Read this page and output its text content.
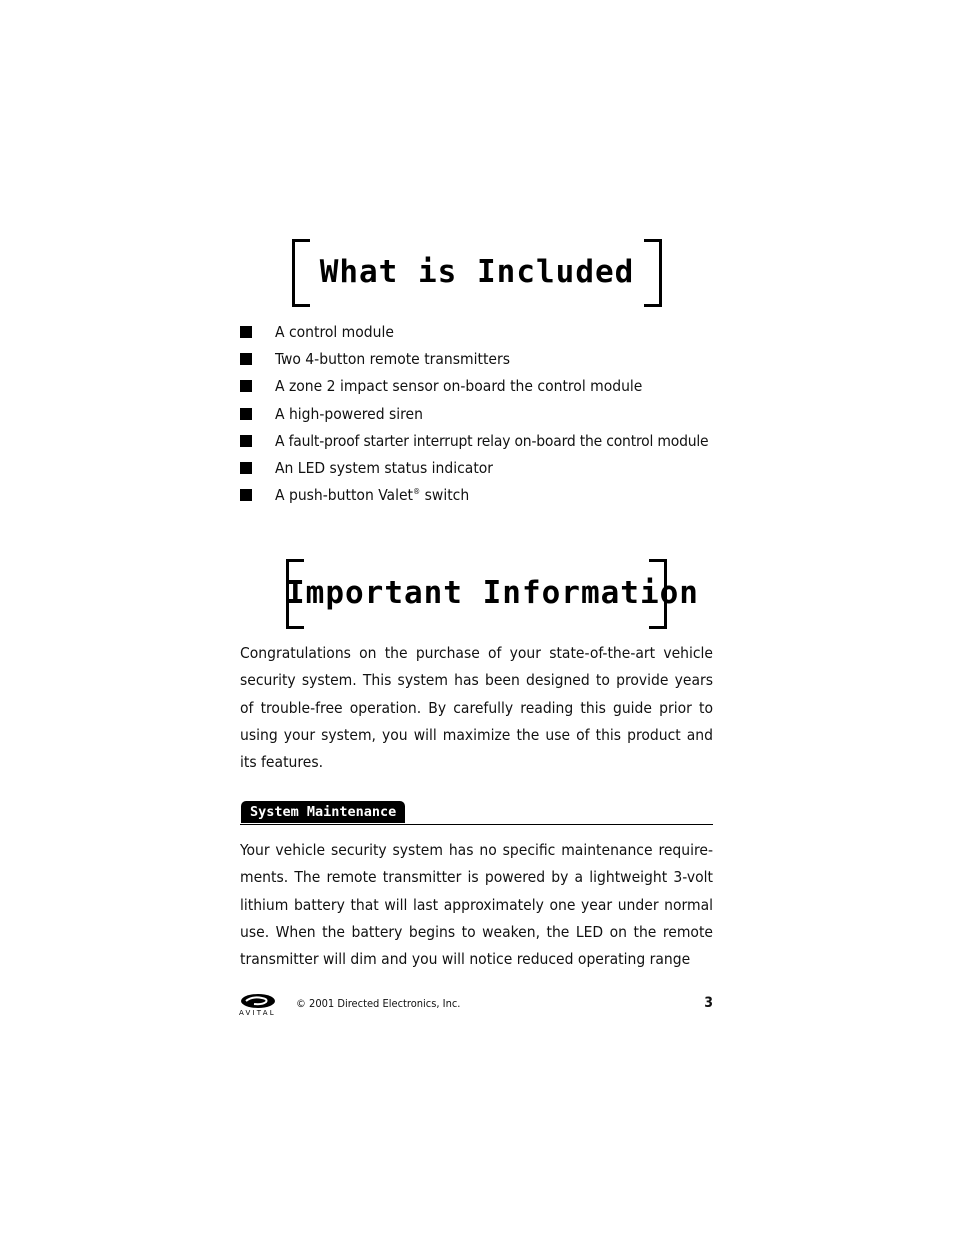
What is Included
A control module
Two 4-button remote transmitters
A zone 2 impact sensor on-board the control module
A high-powered siren
A fault-proof starter interrupt relay on-board the control module
An LED system status indicator
A push-button Valet® switch
Important Information

Congratulations on the purchase of your state-of-the-art vehicle security system. This system has been designed to provide years of trouble-free operation. By carefully reading this guide prior to using your system, you will maximize the use of this product and its features.

System Maintenance

Your vehicle security system has no specific maintenance require-ments. The remote transmitter is powered by a lightweight 3-volt lithium battery that will last approximately one year under normal use. When the battery begins to weaken, the LED on the remote transmitter will dim and you will notice reduced operating range

AVITAL
© 2001 Directed Electronics, Inc.	3
